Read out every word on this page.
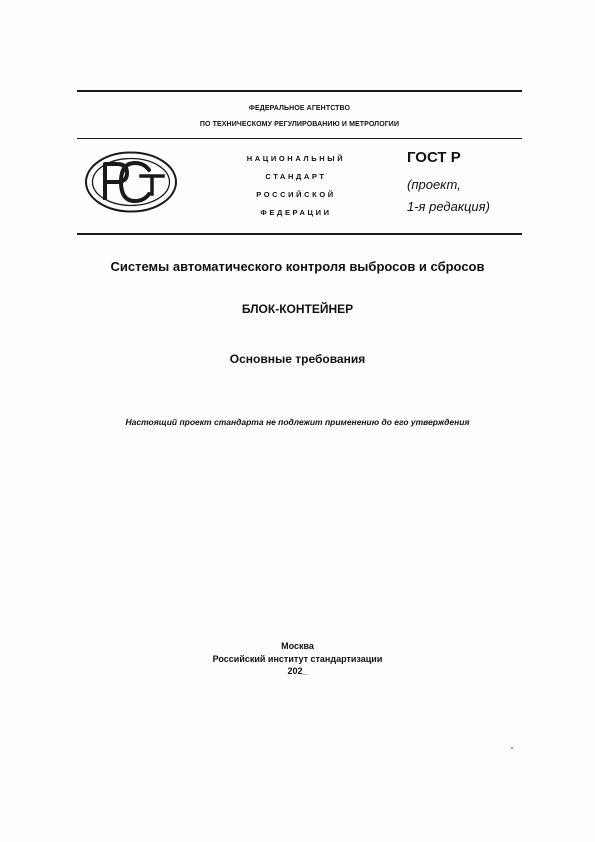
ФЕДЕРАЛЬНОЕ АГЕНТСТВО
ПО ТЕХНИЧЕСКОМУ РЕГУЛИРОВАНИЮ И МЕТРОЛОГИИ
НАЦИОНАЛЬНЫЙ
СТАНДАРТ
РОССИЙСКОЙ
ФЕДЕРАЦИИ
ГОСТ Р
(проект,
1-я редакция)
Системы автоматического контроля выбросов и сбросов
БЛОК-КОНТЕЙНЕР
Основные требования
Настоящий проект стандарта не подлежит применению до его утверждения
Москва
Российский институт стандартизации
202_
